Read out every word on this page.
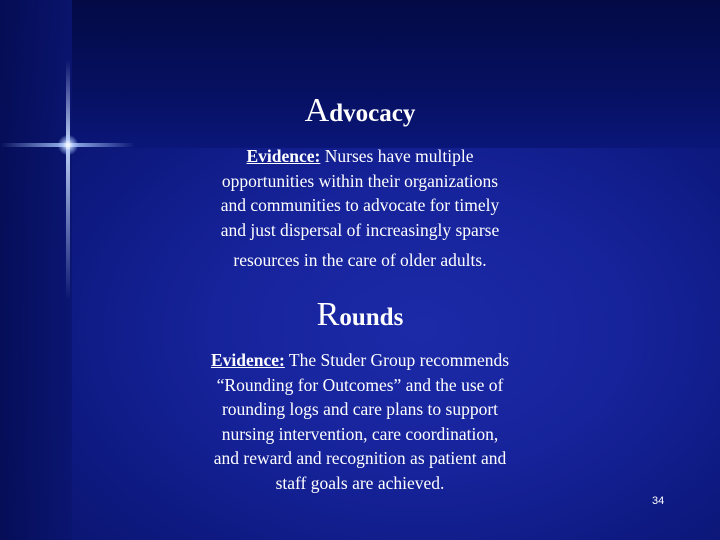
Advocacy
Evidence: Nurses have multiple
opportunities within their organizations
and communities to advocate for timely
and just dispersal of increasingly sparse
resources in the care of older adults.
Rounds
Evidence: The Studer Group recommends
“Rounding for Outcomes” and the use of
rounding logs and care plans to support
nursing intervention, care coordination,
and reward and recognition as patient and
staff goals are achieved.
34
